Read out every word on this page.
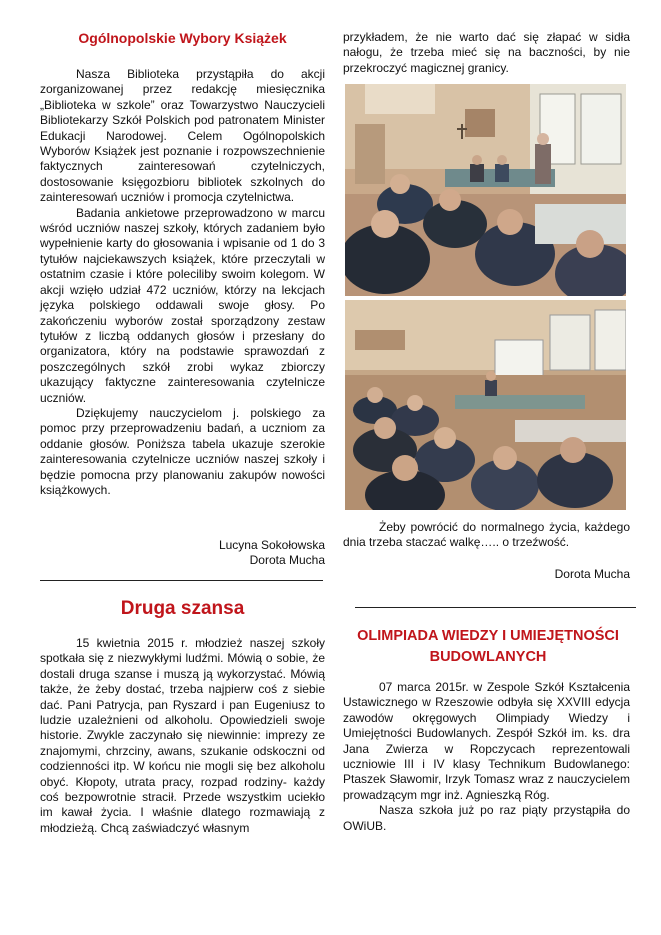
Ogólnopolskie Wybory Książek

Nasza Biblioteka przystąpiła do akcji zorganizowanej przez redakcję miesięcznika „Biblioteka w szkole” oraz Towarzystwo Nauczycieli Bibliotekarzy Szkół Polskich pod patronatem Minister Edukacji Narodowej. Celem Ogólnopolskich Wyborów Książek jest poznanie i rozpowszechnienie faktycznych zainteresowań czytelniczych, dostosowanie księgozbioru bibliotek szkolnych do zainteresowań uczniów i promocja czytelnictwa.

Badania ankietowe przeprowadzono w marcu wśród uczniów naszej szkoły, których zadaniem było wypełnienie karty do głosowania i wpisanie od 1 do 3 tytułów najciekawszych książek, które przeczytali w ostatnim czasie i które poleciliby swoim kolegom. W akcji wzięło udział 472 uczniów, którzy na lekcjach języka polskiego oddawali swoje głosy. Po zakończeniu wyborów został sporządzony zestaw tytułów z liczbą oddanych głosów i przesłany do organizatora, który na podstawie sprawozdań z poszczególnych szkół zrobi wykaz zbiorczy ukazujący faktyczne zainteresowania czytelnicze uczniów.

Dziękujemy nauczycielom j. polskiego za pomoc przy przeprowadzeniu badań, a uczniom za oddanie głosów. Poniższa tabela ukazuje szerokie zainteresowania czytelnicze uczniów naszej szkoły i będzie pomocna przy planowaniu zakupów nowości książkowych.

Lucyna Sokołowska

Dorota Mucha

Druga szansa

15 kwietnia 2015 r. młodzież naszej szkoły spotkała się z niezwykłymi ludźmi. Mówią o sobie, że dostali druga szanse i muszą ją wykorzystać. Mówią także, że żeby dostać, trzeba najpierw coś z siebie dać. Pani Patrycja, pan Ryszard i pan Eugeniusz to ludzie uzależnieni od alkoholu. Opowiedzieli swoje historie. Zwykle zaczynało się niewinnie: imprezy ze znajomymi, chrzciny, awans, szukanie odskoczni od codzienności itp. W końcu nie mogli się bez alkoholu obyć. Kłopoty, utrata pracy, rozpad rodziny- każdy coś bezpowrotnie stracił. Przede wszystkim uciekło im kawał życia. I właśnie dlatego rozmawiają z młodzieżą. Chcą zaświadczyć własnym

przykładem, że nie warto dać się złapać w sidła nałogu, że trzeba mieć się na baczności, by nie przekroczyć magicznej granicy.

Żeby powrócić do normalnego życia, każdego dnia trzeba staczać walkę….. o trzeźwość.

Dorota Mucha

OLIMPIADA WIEDZY I UMIEJĘTNOŚCI BUDOWLANYCH

07 marca 2015r. w Zespole Szkół Kształcenia Ustawicznego w Rzeszowie odbyła się XXVIII edycja zawodów okręgowych Olimpiady Wiedzy i Umiejętności Budowlanych. Zespół Szkół im. ks. dra Jana Zwierza w Ropczycach reprezentowali uczniowie III i IV klasy Technikum Budowlanego: Ptaszek Sławomir, Irzyk Tomasz wraz z nauczycielem prowadzącym mgr inż. Agnieszką Róg.

Nasza szkoła już po raz piąty przystąpiła do OWiUB.
